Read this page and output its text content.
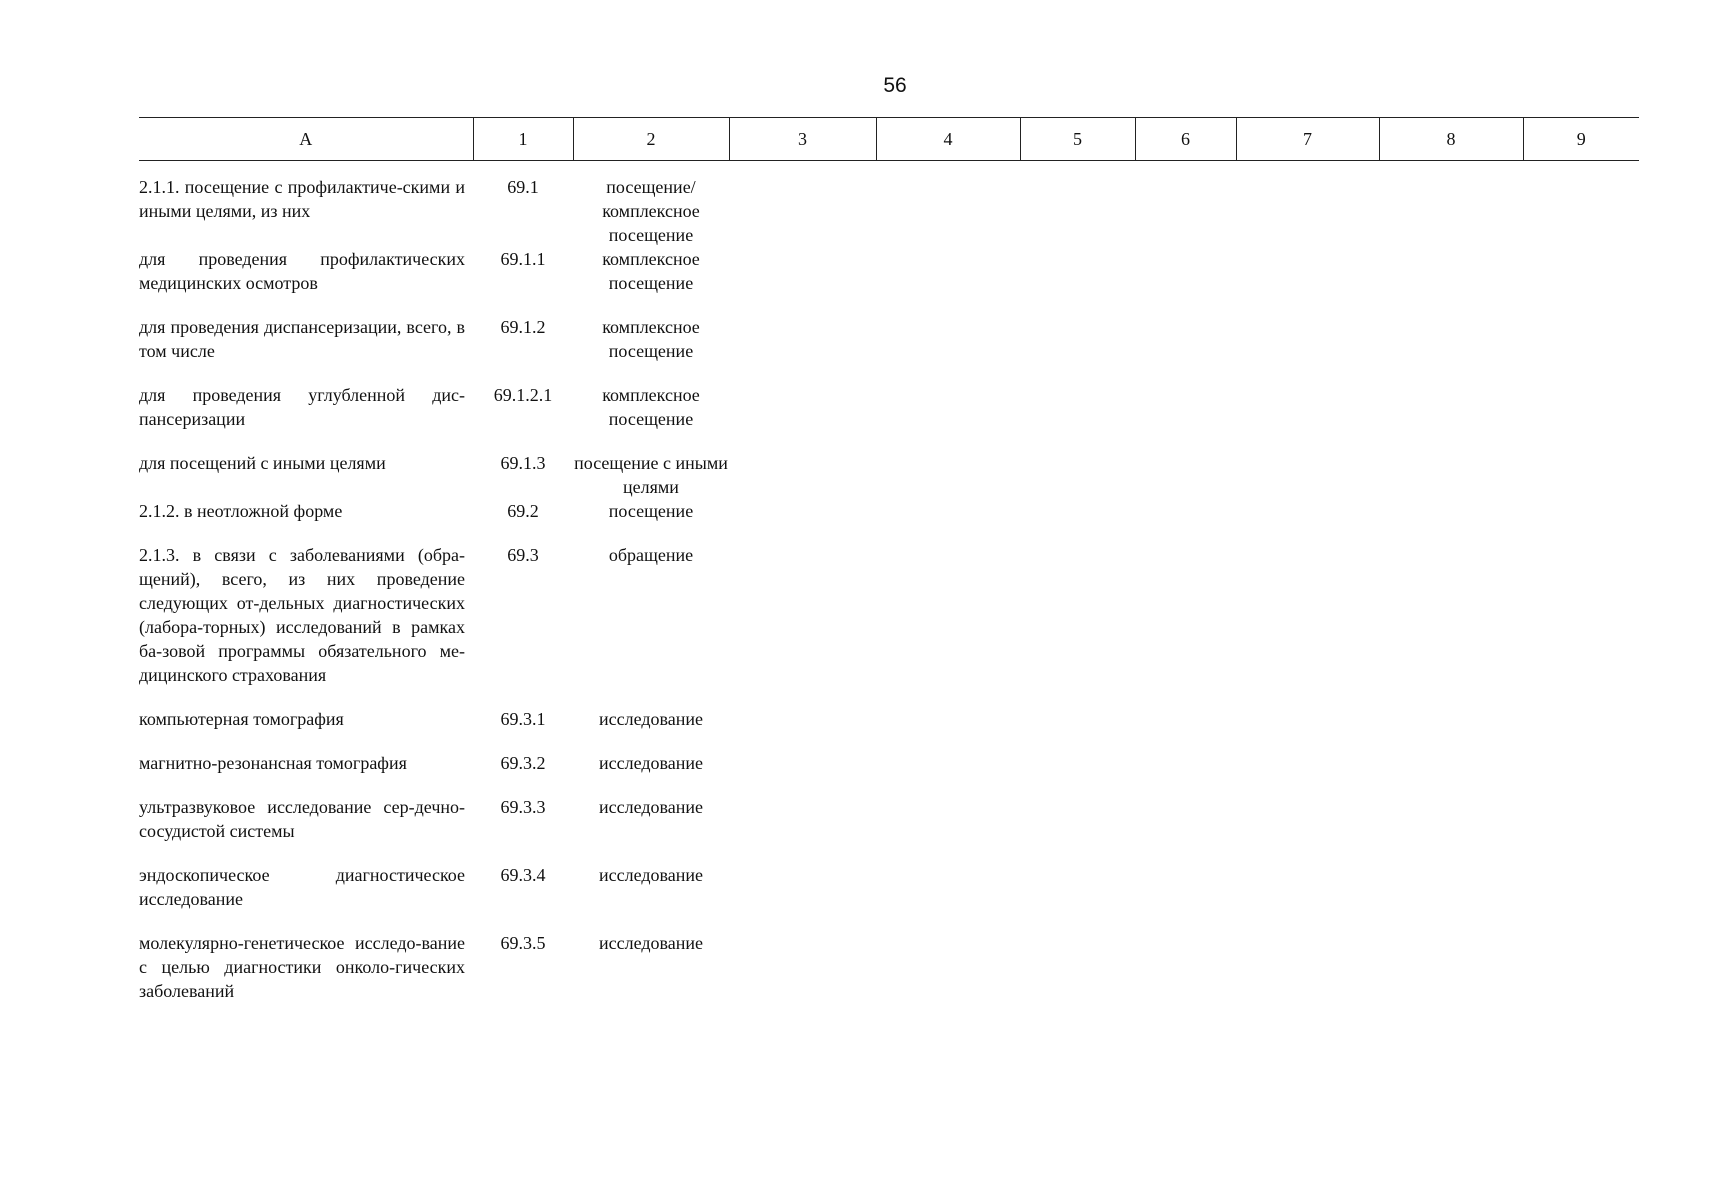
56
А	1	2	3	4	5	6	7	8	9
2.1.1. посещение с профилактиче-скими и иными целями, из них	69.1	посещение/ комплексное посещение							
для проведения профилактических медицинских осмотров	69.1.1	комплексное посещение							
для проведения диспансеризации, всего, в том числе	69.1.2	комплексное посещение							
для проведения углубленной дис-пансеризации	69.1.2.1	комплексное посещение							
для посещений с иными целями	69.1.3	посещение с иными целями							
2.1.2. в неотложной форме	69.2	посещение							
2.1.3. в связи с заболеваниями (обра-щений), всего, из них проведение следующих от-дельных диагностических (лабора-торных) исследований в рамках ба-зовой программы обязательного ме-дицинского страхования	69.3	обращение							
компьютерная томография	69.3.1	исследование							
магнитно-резонансная томография	69.3.2	исследование							
ультразвуковое исследование сер-дечно-сосудистой системы	69.3.3	исследование							
эндоскопическое диагностическое исследование	69.3.4	исследование							
молекулярно-генетическое исследо-вание с целью диагностики онколо-гических заболеваний	69.3.5	исследование							
